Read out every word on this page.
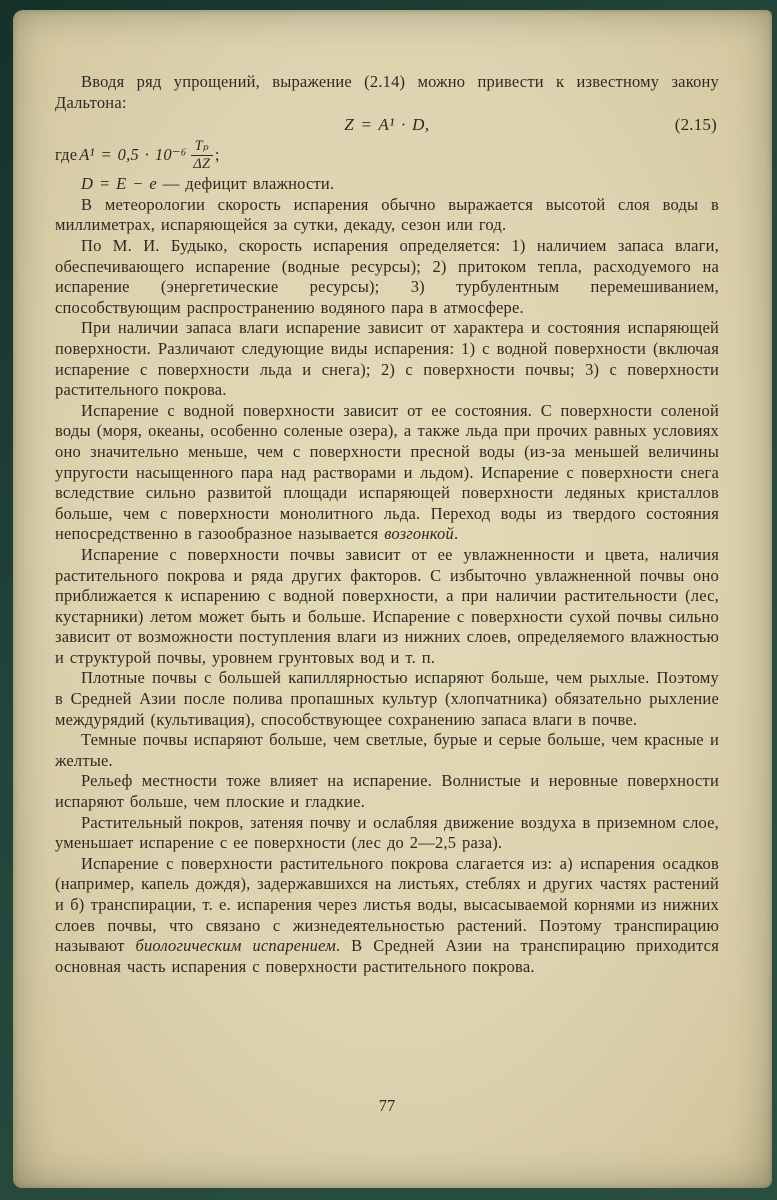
Вводя ряд упрощений, выражение (2.14) можно привести к известному закону Дальтона:

Z = A¹ · D,	(2.15)
где $A^1 = 0,5 \cdot 10^{-6} \frac{\text{Tₚ}}{\Delta Z}$ ;

D = E − e — дефицит влажности.

В метеорологии скорость испарения обычно выражается высотой слоя воды в миллиметрах, испаряющейся за сутки, декаду, сезон или год.

По М. И. Будыко, скорость испарения определяется: 1) наличием запаса влаги, обеспечивающего испарение (водные ресурсы); 2) притоком тепла, расходуемого на испарение (энергетические ресурсы); 3) турбулентным перемешиванием, способствующим распространению водяного пара в атмосфере.

При наличии запаса влаги испарение зависит от характера и состояния испаряющей поверхности. Различают следующие виды испарения: 1) с водной поверхности (включая испарение с поверхности льда и снега); 2) с поверхности почвы; 3) с поверхности растительного покрова.

Испарение с водной поверхности зависит от ее состояния. С поверхности соленой воды (моря, океаны, особенно соленые озера), а также льда при прочих равных условиях оно значительно меньше, чем с поверхности пресной воды (из-за меньшей величины упругости насыщенного пара над растворами и льдом). Испарение с поверхности снега вследствие сильно развитой площади испаряющей поверхности ледяных кристаллов больше, чем с поверхности монолитного льда. Переход воды из твердого состояния непосредственно в газообразное называется возгонкой.

Испарение с поверхности почвы зависит от ее увлажненности и цвета, наличия растительного покрова и ряда других факторов. С избыточно увлажненной почвы оно приближается к испарению с водной поверхности, а при наличии растительности (лес, кустарники) летом может быть и больше. Испарение с поверхности сухой почвы сильно зависит от возможности поступления влаги из нижних слоев, определяемого влажностью и структурой почвы, уровнем грунтовых вод и т. п.

Плотные почвы с большей капиллярностью испаряют больше, чем рыхлые. Поэтому в Средней Азии после полива пропашных культур (хлопчатника) обязательно рыхление междурядий (культивация), способствующее сохранению запаса влаги в почве.

Темные почвы испаряют больше, чем светлые, бурые и серые больше, чем красные и желтые.

Рельеф местности тоже влияет на испарение. Волнистые и неровные поверхности испаряют больше, чем плоские и гладкие.

Растительный покров, затеняя почву и ослабляя движение воздуха в приземном слое, уменьшает испарение с ее поверхности (лес до 2—2,5 раза).

Испарение с поверхности растительного покрова слагается из: а) испарения осадков (например, капель дождя), задержавшихся на листьях, стеблях и других частях растений и б) транспирации, т. е. испарения через листья воды, высасываемой корнями из нижних слоев почвы, что связано с жизнедеятельностью растений. Поэтому транспирацию называют биологическим испарением. В Средней Азии на транспирацию приходится основная часть испарения с поверхности растительного покрова.

77
